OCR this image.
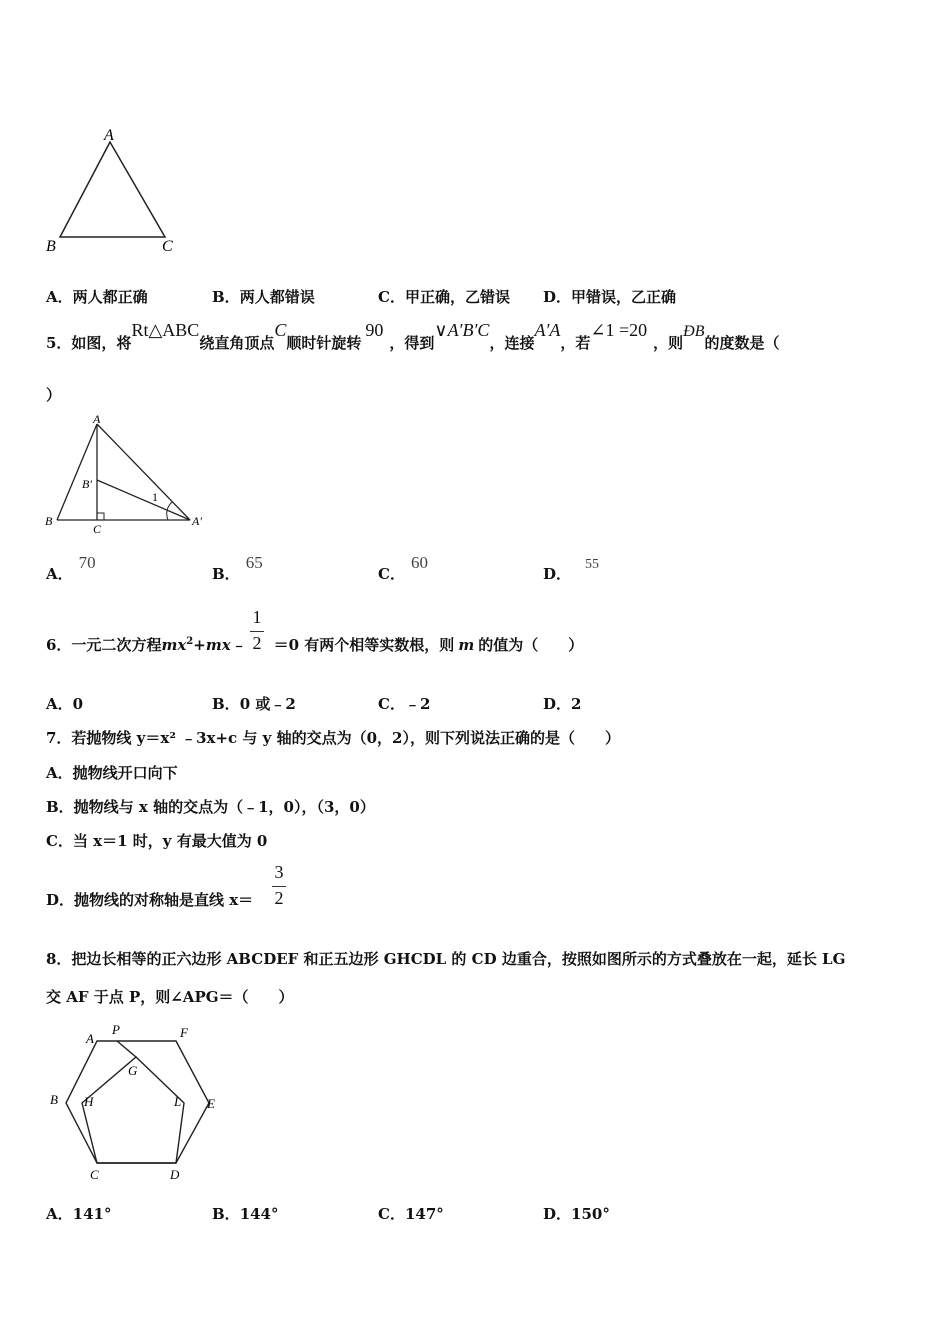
A
B	C
A．两人都正确	B．两人都错误	C．甲正确，乙错误 D．甲错误，乙正确
5．如图，将Rt△ABC绕直角顶点C顺时针旋转90，得到∨A′B′C，连接A′A，若∠1 =20，则ÐB的度数是（
）
A
B
B′
C
A′
1
A．70
B．65
C．60
D．55
6．一元二次方程$mx^2+mx﹣ =0$ 有两个相等实数根，则 m 的值为（　　）
1
2
A．0	B．0 或﹣2	C．﹣2	D．2
7．若抛物线 y＝x² ﹣3x+c 与 y 轴的交点为（0，2），则下列说法正确的是（　　）
A．抛物线开口向下
B．抛物线与 x 轴的交点为（﹣1，0），（3，0）
C．当 x＝1 时，y 有最大值为 0
D．抛物线的对称轴是直线 x＝
3
2
8．把边长相等的正六边形 ABCDEF 和正五边形 GHCDL 的 CD 边重合，按照如图所示的方式叠放在一起，延长 LG
交 AF 于点 P，则∠APG＝（　　）
A
P	F
G
B H	L E
C	D
A．141°	B．144°	C．147°	D．150°
